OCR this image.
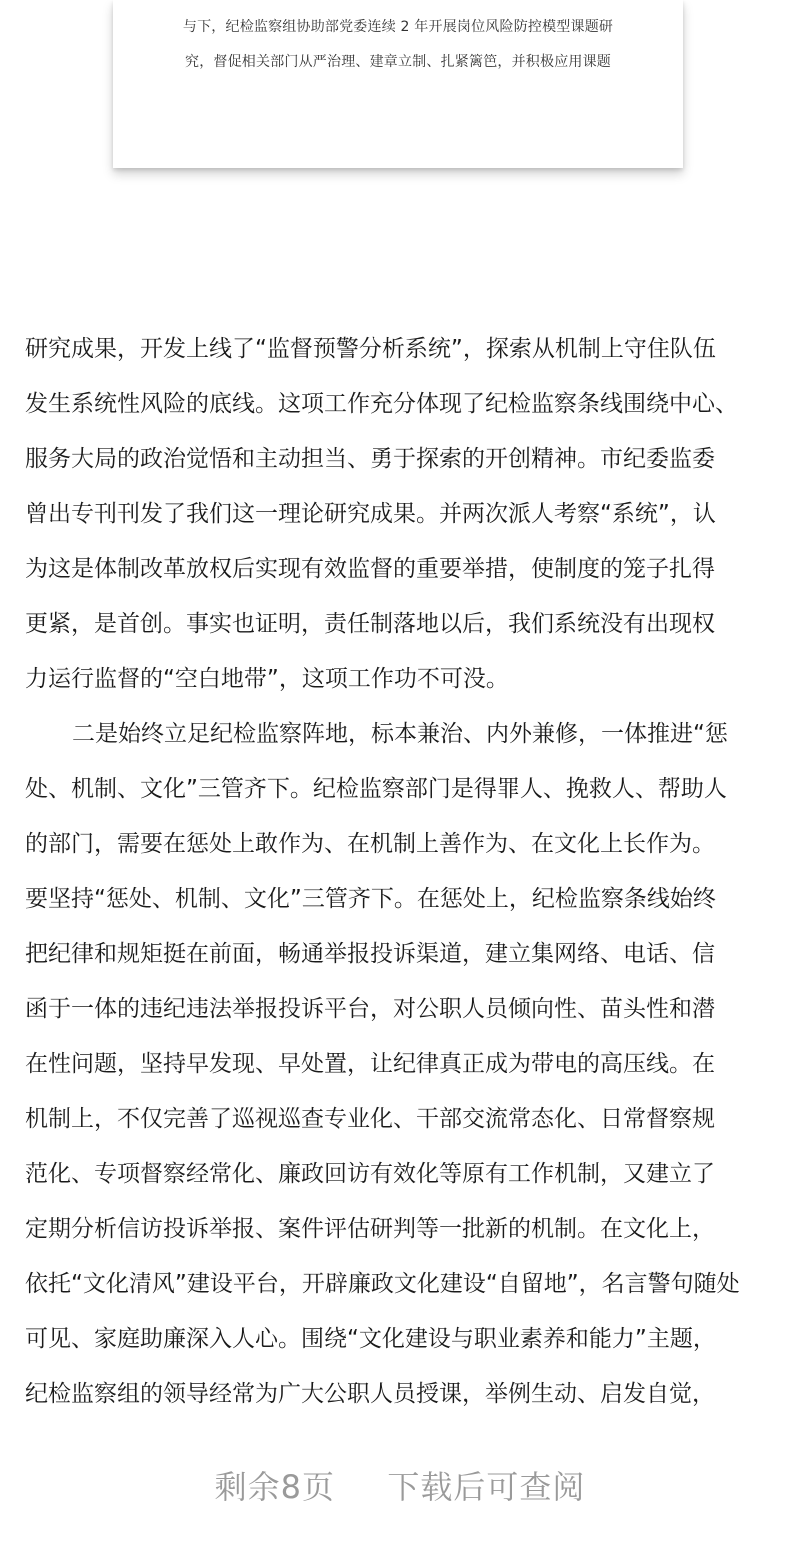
与下，纪检监察组协助部党委连续 2 年开展岗位风险防控模型课题研
究，督促相关部门从严治理、建章立制、扎紧篱笆，并积极应用课题
研究成果，开发上线了“监督预警分析系统”，探索从机制上守住队伍
发生系统性风险的底线。这项工作充分体现了纪检监察条线围绕中心、
服务大局的政治觉悟和主动担当、勇于探索的开创精神。市纪委监委
曾出专刊刊发了我们这一理论研究成果。并两次派人考察“系统”，认
为这是体制改革放权后实现有效监督的重要举措，使制度的笼子扎得
更紧，是首创。事实也证明，责任制落地以后，我们系统没有出现权
力运行监督的“空白地带”，这项工作功不可没。
二是始终立足纪检监察阵地，标本兼治、内外兼修，一体推进“惩
处、机制、文化”三管齐下。纪检监察部门是得罪人、挽救人、帮助人
的部门，需要在惩处上敢作为、在机制上善作为、在文化上长作为。
要坚持“惩处、机制、文化”三管齐下。在惩处上，纪检监察条线始终
把纪律和规矩挺在前面，畅通举报投诉渠道，建立集网络、电话、信
函于一体的违纪违法举报投诉平台，对公职人员倾向性、苗头性和潜
在性问题，坚持早发现、早处置，让纪律真正成为带电的高压线。在
机制上，不仅完善了巡视巡查专业化、干部交流常态化、日常督察规
范化、专项督察经常化、廉政回访有效化等原有工作机制，又建立了
定期分析信访投诉举报、案件评估研判等一批新的机制。在文化上，
依托“文化清风”建设平台，开辟廉政文化建设“自留地”，名言警句随处
可见、家庭助廉深入人心。围绕“文化建设与职业素养和能力”主题，
纪检监察组的领导经常为广大公职人员授课，举例生动、启发自觉，
剩余8页 下载后可查阅
